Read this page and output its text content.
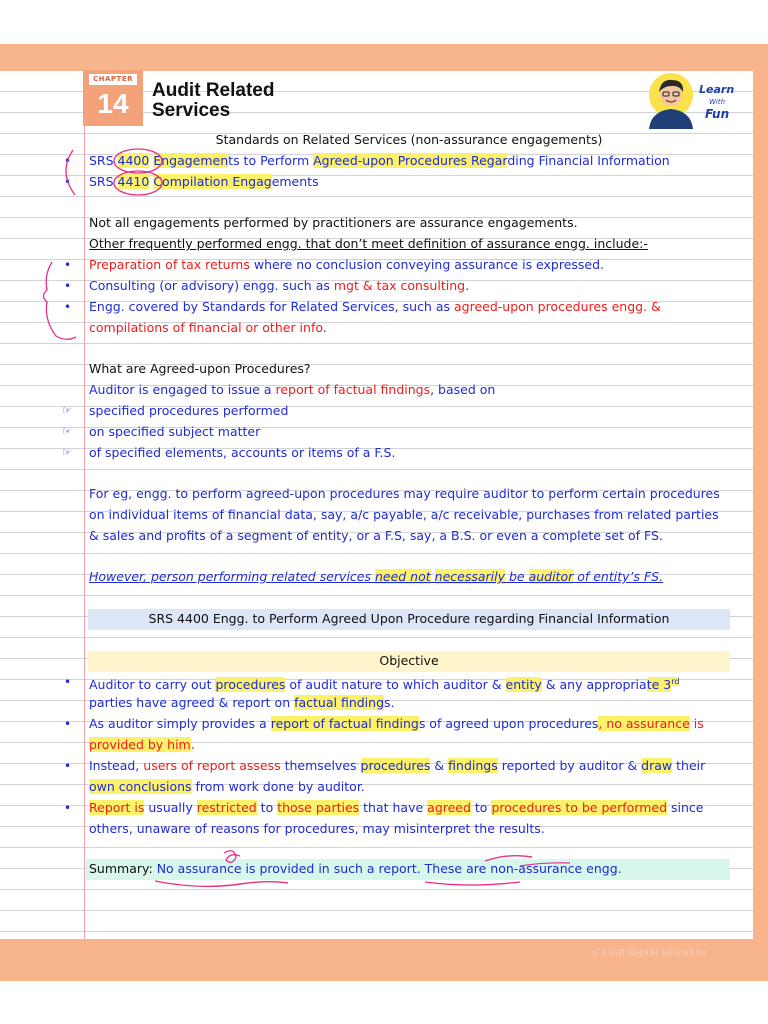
CHAPTER
14	Audit Related
Services
Learn
With
Fun
Standards on Related Services (non-assurance engagements)
• SRS 4400 Engagements to Perform Agreed-upon Procedures Regarding Financial Information
• SRS 4410 Compilation Engagements
Not all engagements performed by practitioners are assurance engagements.
Other frequently performed engg. that don’t meet definition of assurance engg. include:-
• Preparation of tax returns where no conclusion conveying assurance is expressed.
• Consulting (or advisory) engg. such as mgt & tax consulting.
• Engg. covered by Standards for Related Services, such as agreed-upon procedures engg. &
compilations of financial or other info.
What are Agreed-upon Procedures?
Auditor is engaged to issue a report of factual findings, based on
☞ specified procedures performed
☞ on specified subject matter
☞ of specified elements, accounts or items of a F.S.
For eg, engg. to perform agreed-upon procedures may require auditor to perform certain procedures
on individual items of financial data, say, a/c payable, a/c receivable, purchases from related parties
& sales and profits of a segment of entity, or a F.S, say, a B.S. or even a complete set of FS.
However, person performing related services need not necessarily be auditor of entity’s FS.
SRS 4400 Engg. to Perform Agreed Upon Procedure regarding Financial Information
Objective
• Auditor to carry out procedures of audit nature to which auditor & entity & any appropriate 3rd
parties have agreed & report on factual findings.
• As auditor simply provides a report of factual findings of agreed upon procedures, no assurance is
provided by him.
• Instead, users of report assess themselves procedures & findings reported by auditor & draw their
own conclusions from work done by auditor.
• Report is usually restricted to those parties that have agreed to procedures to be performed since
others, unaware of reasons for procedures, may misinterpret the results.
Summary: No assurance is provided in such a report. These are non-assurance engg.
CA SHUBHAM KESWANI
